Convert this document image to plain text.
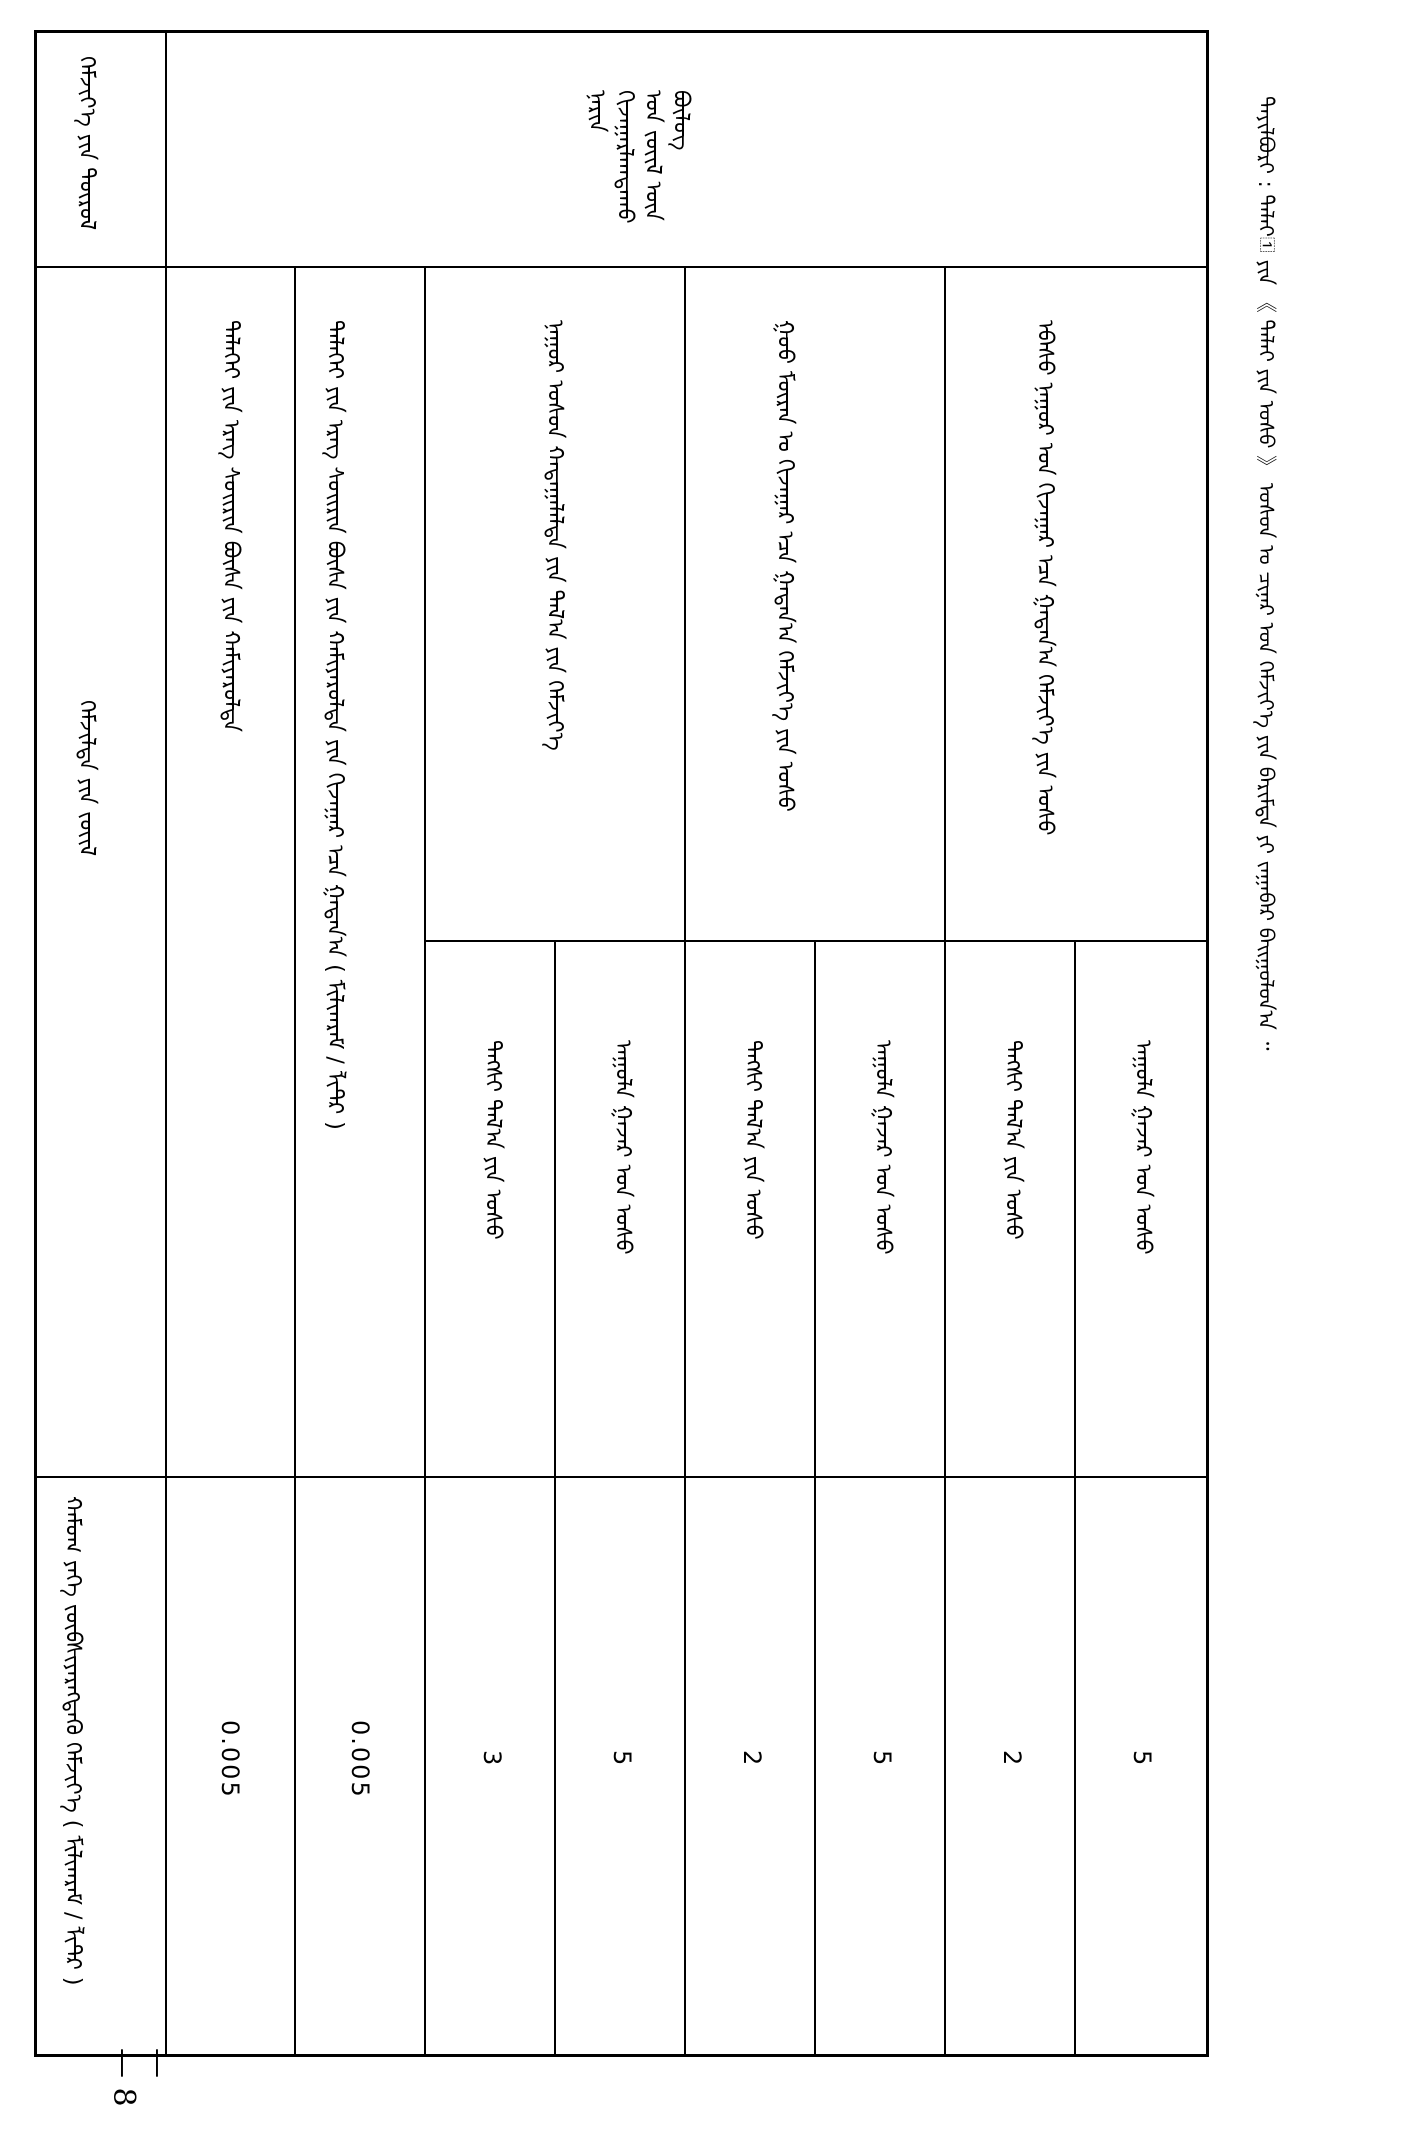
ᠲᠠᠶᠢᠯᠪᠤᠷᠢ : ᠳᠠᠯᠠᠶ᠋ ᠶᠢᠨ 《 ᠳᠠᠯᠠᠢ ᠶᠢᠨ ᠤᠰᠤ 》 ᠤᠰᠤᠨ ᠤ ᠴᠢᠨᠠᠷ ᠤᠨ ᠬᠡᠮᠵᠢᠶ᠎ᠡ ᠶᠢᠨ ᠪᠠᠷᠢᠮᠲᠠ ᠶᠢ ᠵᠠᠭᠠᠪᠠᠷ ᠪᠠᠢᠭᠤᠯᠤᠨ᠎ᠠ ᠃
ᠬᠡᠮᠵᠢᠶ᠎ᠡ ᠶᠢᠨ ᠳᠦᠷᠦᠯ
ᠬᠡᠮᠵᠢᠯᠳᠡ ᠶᠢᠨ ᠵᠦᠢᠯ
ᠬᠠᠮᠤᠭ ᠶᠡᠬᠡ ᠵᠥᠪᠰᠢᠶᠡᠷᠡᠭᠳᠡᠬᠦ ᠬᠡᠮᠵᠢᠶ᠎ᠡ ( ᠮᠢᠯᠢᠭᠷᠠᠮ / ᠯᠢᠲ᠋ᠷ )
ᠨᠠᠷᠢᠨ ᠬᠢᠵᠠᠭᠠᠷᠯᠠᠭᠳᠠᠬᠤ ᠡᠳ ᠵᠦᠢᠯ ᠦᠨ ᠪᠦᠯᠦᠭ
ᠡᠪᠡᠰᠦ ᠨᠠᠭᠤᠷ ᠤᠨ ᠬᠢᠵᠠᠭᠠᠷ ᠡᠴᠡ ᠭᠠᠳᠠᠨ᠎ᠠ ᠬᠡᠮᠵᠢᠶ᠎ᠡ ᠶᠢᠨ ᠤᠰᠤ
ᠠᠭᠤᠯᠠ ᠭᠠᠵᠠᠷ ᠤᠨ ᠤᠰᠤ
5
ᠲᠡᠭᠰᠢ ᠲᠠᠯ᠎ᠠ ᠶᠢᠨ ᠤᠰᠤ
2
ᠭᠤᠤ ᠮᠥᠷᠡᠨ ᠤ ᠬᠢᠵᠠᠭᠠᠷ ᠡᠴᠡ ᠭᠠᠳᠠᠨ᠎ᠠ ᠬᠡᠮᠵᠢᠶ᠎ᠡ ᠶᠢᠨ ᠤᠰᠤ
ᠠᠭᠤᠯᠠ ᠭᠠᠵᠠᠷ ᠤᠨ ᠤᠰᠤ
5
ᠲᠡᠭᠰᠢ ᠲᠠᠯ᠎ᠠ ᠶᠢᠨ ᠤᠰᠤ
2
ᠨᠠᠭᠤᠷ ᠤᠰᠤᠨ ᠬᠠᠳᠠᠭᠠᠯᠠᠯᠲᠠ ᠶᠢᠨ ᠲᠠᠯ᠎ᠠ ᠶᠢᠨ ᠬᠡᠮᠵᠢᠶ᠎ᠡ
ᠠᠭᠤᠯᠠ ᠭᠠᠵᠠᠷ ᠤᠨ ᠤᠰᠤ
5
ᠲᠡᠭᠰᠢ ᠲᠠᠯ᠎ᠠ ᠶᠢᠨ ᠤᠰᠤ
3
ᠳᠡᠯᠡᠬᠡᠢ ᠶᠢᠨ ᠡᠷᠡᠭ ᠰᠤᠢᠷᠢᠨ ᠪᠦᠰᠡ ᠶᠢᠨ ᠬᠠᠮᠢᠶᠠᠷᠤᠯᠲᠠ ᠶᠢᠨ ᠬᠢᠵᠠᠭᠠᠷ ᠡᠴᠡ ᠭᠠᠳᠠᠨ᠎ᠠ ( ᠮᠢᠯᠢᠭᠷᠠᠮ / ᠯᠢᠲ᠋ᠷ )
0.005
ᠳᠡᠯᠡᠬᠡᠢ ᠶᠢᠨ ᠡᠷᠡᠭ ᠰᠤᠢᠷᠢᠨ ᠪᠦᠰᠡ ᠶᠢᠨ ᠬᠠᠮᠢᠶᠠᠷᠤᠯᠲᠠ
0.005
— 8 —
